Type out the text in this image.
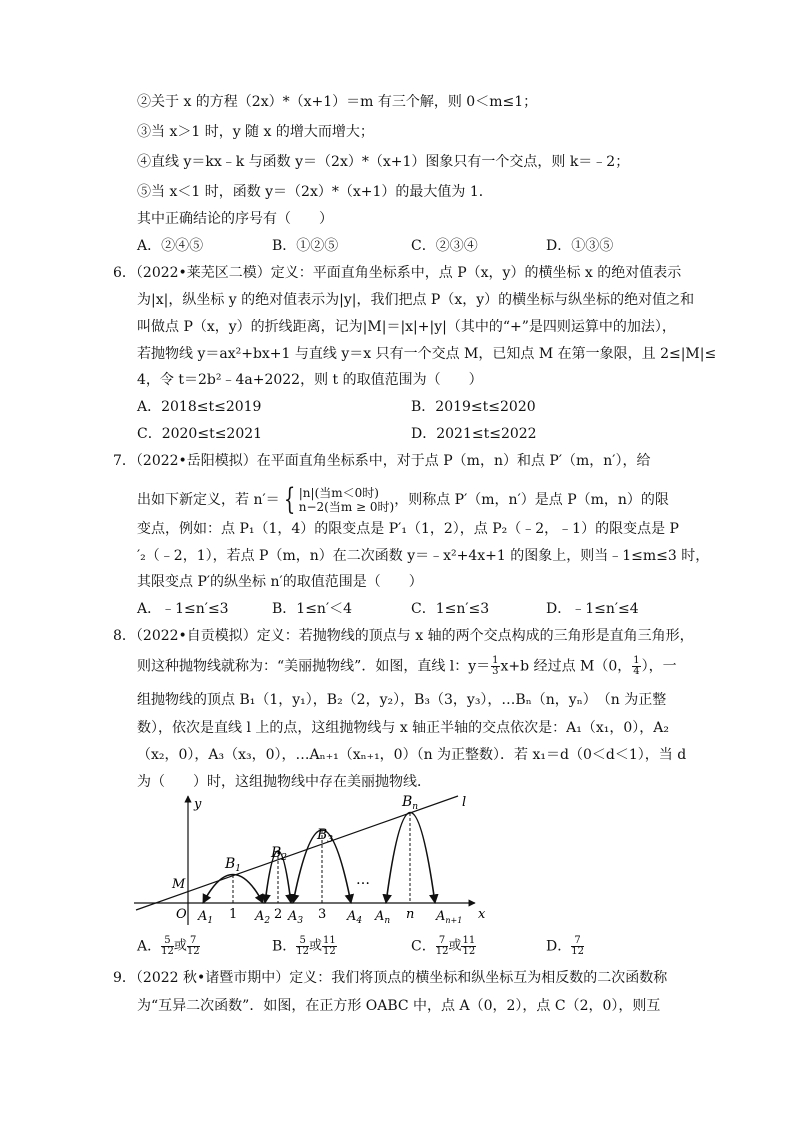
②关于 x 的方程（2x）*（x+1）＝m 有三个解，则 0＜m≤1；
③当 x＞1 时，y 随 x 的增大而增大；
④直线 y＝kx﹣k 与函数 y＝（2x）*（x+1）图象只有一个交点，则 k＝﹣2；
⑤当 x＜1 时，函数 y＝（2x）*（x+1）的最大值为 1．
其中正确结论的序号有（　　）
A．②④⑤	B．①②⑤	C．②③④	D．①③⑤
6．（2022•莱芜区二模）定义：平面直角坐标系中，点 P（x，y）的横坐标 x 的绝对值表示
为|x|，纵坐标 y 的绝对值表示为|y|，我们把点 P（x，y）的横坐标与纵坐标的绝对值之和
叫做点 P（x，y）的折线距离，记为|M|＝|x|+|y|（其中的“+”是四则运算中的加法），
若抛物线 y＝ax²+bx+1 与直线 y＝x 只有一个交点 M，已知点 M 在第一象限，且 2≤|M|≤
4，令 t＝2b²﹣4a+2022，则 t 的取值范围为（　　）
A．2018≤t≤2019	B．2019≤t≤2020
C．2020≤t≤2021	D．2021≤t≤2022
7．（2022•岳阳模拟）在平面直角坐标系中，对于点 P（m，n）和点 P′（m，n′），给
出如下新定义，若 n′＝ { |n|(当m＜0时)
n−2(当m ≥ 0时)，则称点 P′（m，n′）是点 P（m，n）的限
变点，例如：点 P₁（1，4）的限变点是 P′₁（1，2），点 P₂（﹣2，﹣1）的限变点是 P
′₂（﹣2，1），若点 P（m，n）在二次函数 y＝﹣x²+4x+1 的图象上，则当﹣1≤m≤3 时，
其限变点 P′的纵坐标 n′的取值范围是（　　）
A．﹣1≤n′≤3	B．1≤n′＜4	C．1≤n′≤3	D．﹣1≤n′≤4
8．（2022•自贡模拟）定义：若抛物线的顶点与 x 轴的两个交点构成的三角形是直角三角形，
则这种抛物线就称为：“美丽抛物线”．如图，直线 l：$y= \frac{1}{3} x+b$ 经过点 M（0， $\frac{1}{4}$ ），一
组抛物线的顶点 B₁（1，y₁），B₂（2，y₂），B₃（3，y₃），…Bₙ（n，yₙ）　（n 为正整
数），依次是直线 l 上的点，这组抛物线与 x 轴正半轴的交点依次是：A₁（x₁，0），A₂
（x₂，0），A₃（x₃，0），…Aₙ₊₁（xₙ₊₁，0）（n 为正整数）．若 x₁＝d（0＜d＜1），当 d
为（　　）时，这组抛物线中存在美丽抛物线．
x
y
O
M
l
…
$B_1$
$B_2$
$B_3$
$B_n$
1	2	3	n
$A_1$	$A_2$ $A_3$	$A_4$ $A_n$	$A_{n+1}$
A． $\frac{5}{12}$ 或 $\frac{7}{12}$	B． $\frac{5}{12}$ 或 $\frac{11}{12}$	C． $\frac{7}{12}$ 或 $\frac{11}{12}$	D． $\frac{7}{12}$
9．（2022 秋•诸暨市期中）定义：我们将顶点的横坐标和纵坐标互为相反数的二次函数称
为“互异二次函数”．如图，在正方形 OABC 中，点 A（0，2），点 C（2，0），则互
